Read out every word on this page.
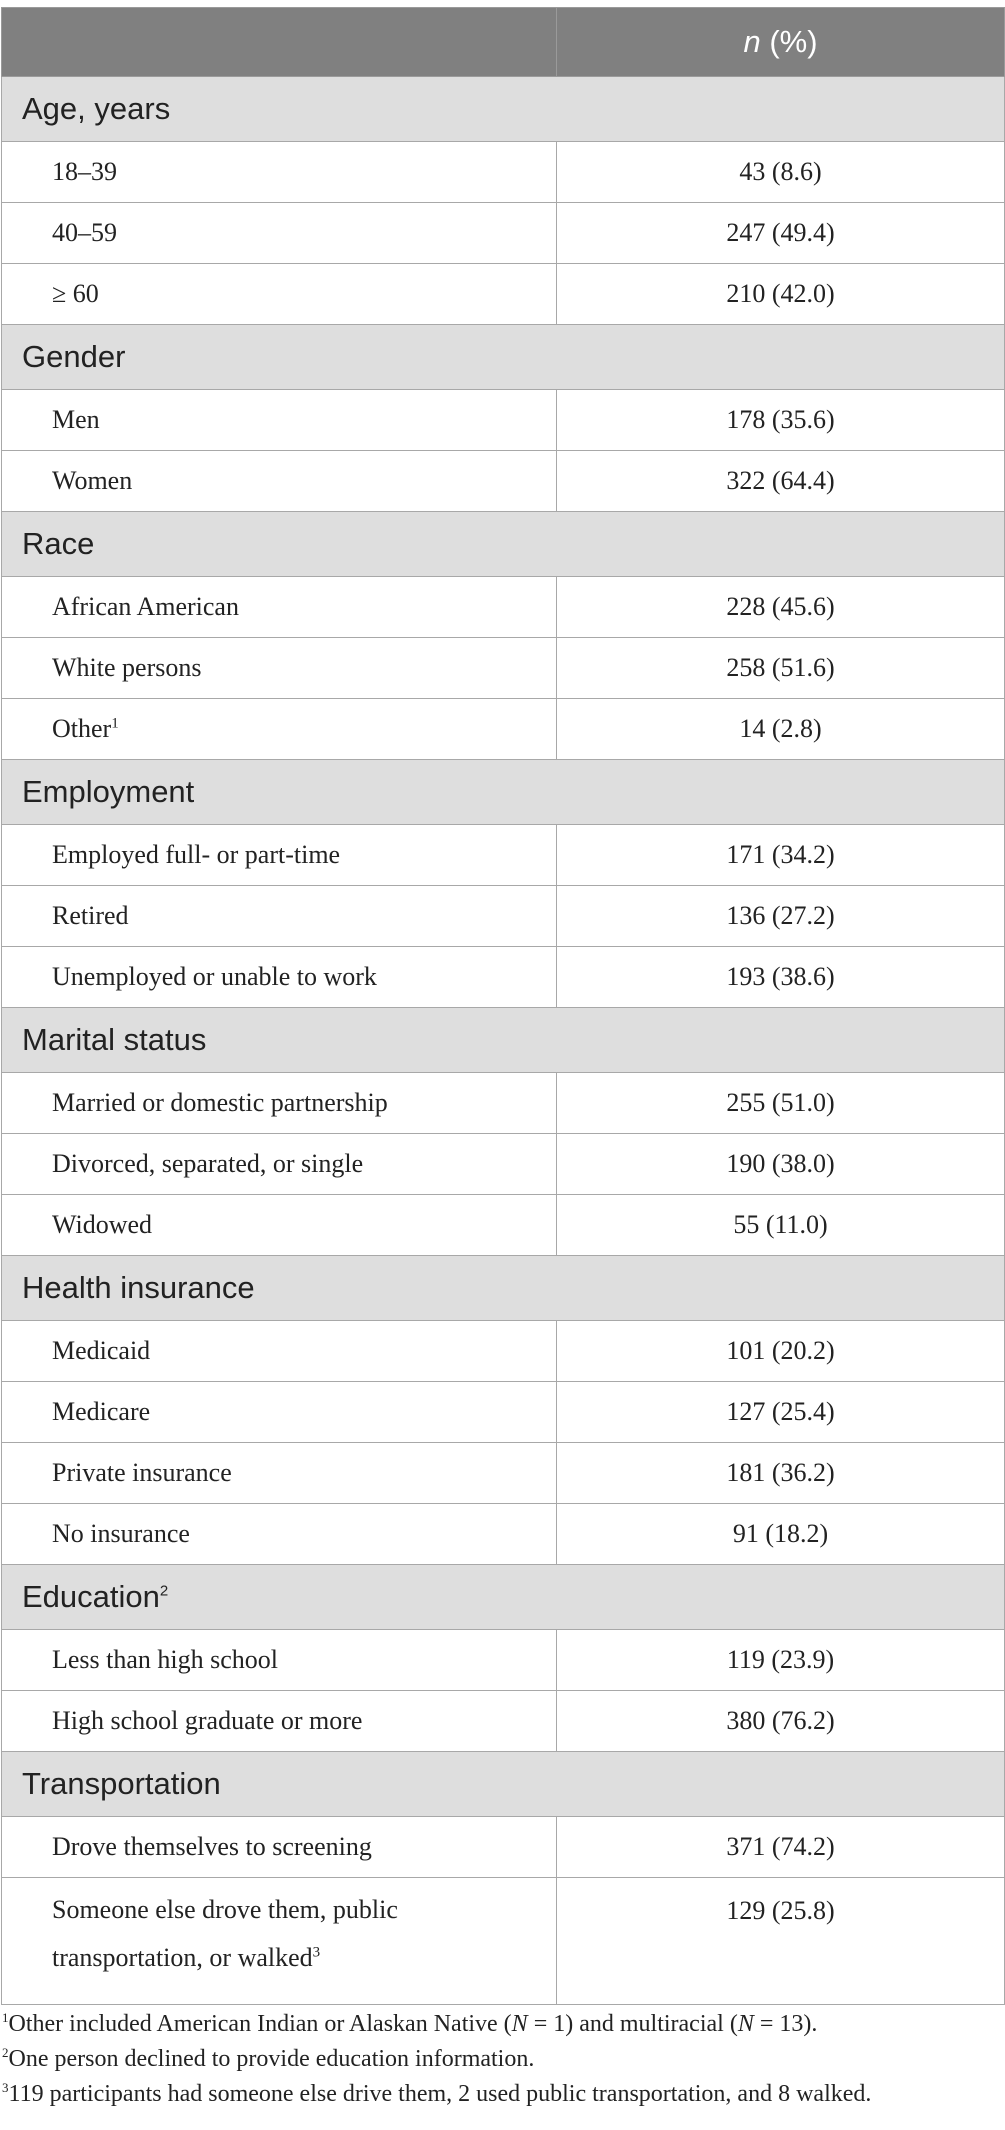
	n (%)
Age, years	
18–39	43 (8.6)
40–59	247 (49.4)
≥ 60	210 (42.0)
Gender	
Men	178 (35.6)
Women	322 (64.4)
Race	
African American	228 (45.6)
White persons	258 (51.6)
Other$^1$	14 (2.8)
Employment	
Employed full- or part-time	171 (34.2)
Retired	136 (27.2)
Unemployed or unable to work	193 (38.6)
Marital status	
Married or domestic partnership	255 (51.0)
Divorced, separated, or single	190 (38.0)
Widowed	55 (11.0)
Health insurance	
Medicaid	101 (20.2)
Medicare	127 (25.4)
Private insurance	181 (36.2)
No insurance	91 (18.2)
Education$^2$
Less than high school	119 (23.9)
High school graduate or more	380 (76.2)
Transportation	
Drove themselves to screening	371 (74.2)
Someone else drove them, public
transportation, or walked$^3$	129 (25.8)
$^1$Other included American Indian or Alaskan Native (N = 1) and multiracial (N = 13).
$^2$One person declined to provide education information.
$^3$119 participants had someone else drive them, 2 used public transportation, and 8 walked.
